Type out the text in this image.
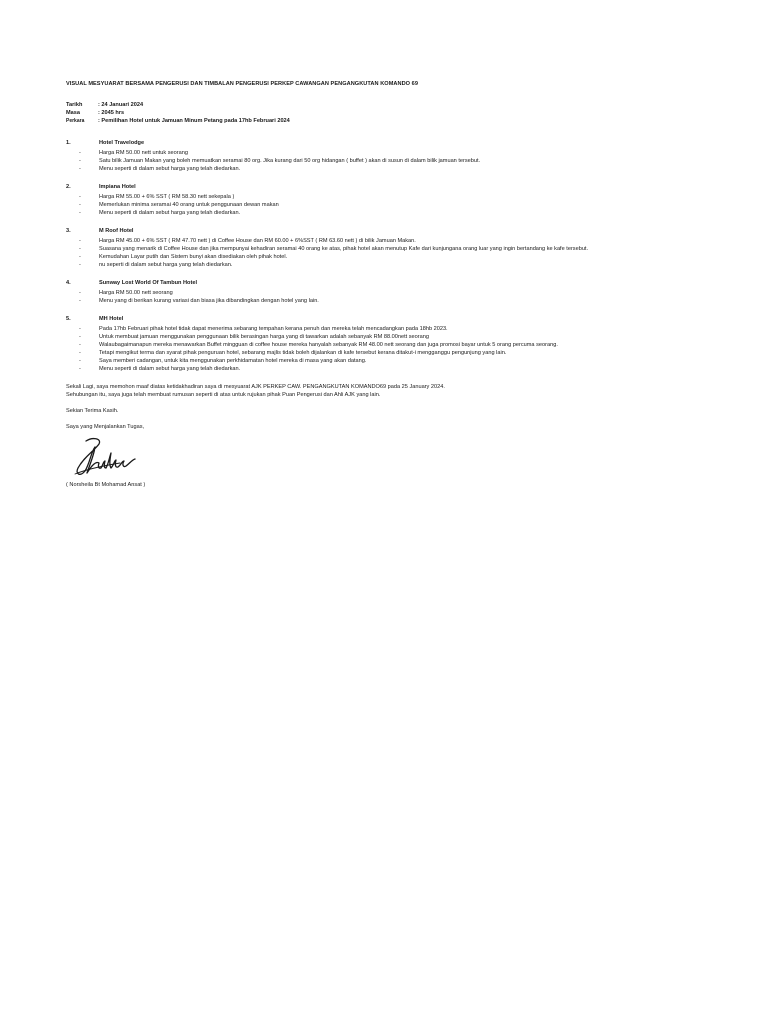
VISUAL MESYUARAT BERSAMA PENGERUSI DAN TIMBALAN PENGERUSI PERKEP CAWANGAN PENGANGKUTAN KOMANDO 69
Tarikh	: 24 Januari 2024
Masa	: 2045 hrs
Perkara	: Pemilihan Hotel untuk Jamuan Minum Petang pada 17hb Februari 2024
1.	Hotel Travelodge
-	Harga RM 50.00 nett untuk seorang
-	Satu bilik Jamuan Makan yang boleh memuatkan seramai 80 org. Jika kurang dari 50 org hidangan ( buffet ) akan di susun di dalam bilik jamuan tersebut.
-	Menu seperti di dalam sebut harga yang telah diedarkan.
2.	Impiana Hotel
-	Harga RM 55.00 + 6% SST ( RM 58.30 nett sekepala )
-	Memerlukan minima seramai 40 orang untuk penggunaan dewan makan
-	Menu seperti di dalam sebut harga yang telah diedarkan.
3.	M Roof Hotel
-	Harga RM 45.00 + 6% SST ( RM 47.70 nett ) di Coffee House dan RM 60.00 + 6%SST ( RM 63.60 nett ) di bilik Jamuan Makan.
-	Suasana yang menarik di Coffee House dan jika mempunyai kehadiran seramai 40 orang ke atas, pihak hotel akan menutup Kafe dari kunjungana orang luar yang ingin bertandang ke kafe tersebut.
-	Kemudahan Layar putih dan Sistem bunyi akan disediakan oleh pihak hotel.
-	nu seperti di dalam sebut harga yang telah diedarkan.
4.	Sunway Lost World Of Tambun Hotel
-	Harga RM 50.00 nett seorang
-	Menu yang di berikan kurang variasi dan biasa jika dibandingkan dengan hotel yang lain.
5.	MH Hotel
-	Pada 17hb Februari pihak hotel tidak dapat menerima sebarang tempahan kerana penuh dan mereka telah mencadangkan pada 18hb 2023.
-	Untuk membuat jamuan menggunakan penggunaan bilik berasingan harga yang di tawarkan adalah sebanyak RM 88.00nett seorang
-	Walaubagaimanapun mereka menawarkan Buffet mingguan di coffee house mereka hanyalah sebanyak RM 48.00 nett seorang dan juga promosi bayar untuk 5 orang percuma seorang.
-	Tetapi mengikut terma dan syarat pihak penguruan hotel, sebarang majlis tidak boleh dijalankan di kafe tersebut kerana ditakut-i mengganggu pengunjung yang lain.
-	Saya memberi cadangan, untuk kita menggunakan perkhidamatan hotel mereka di masa yang akan datang.
-	Menu seperti di dalam sebut harga yang telah diedarkan.

Sekali Lagi, saya memohon maaf diatas ketidakhadiran saya di mesyuarat AJK PERKEP CAW. PENGANGKUTAN KOMANDO69 pada 25 January 2024.

Sehubungan itu, saya juga telah membuat rumusan seperti di atas untuk rujukan pihak Puan Pengerusi dan Ahli AJK yang lain.

Sekian Terima Kasih.

Saya yang Menjalankan Tugas,

( Norsheila Bt Mohamad Ansat )
